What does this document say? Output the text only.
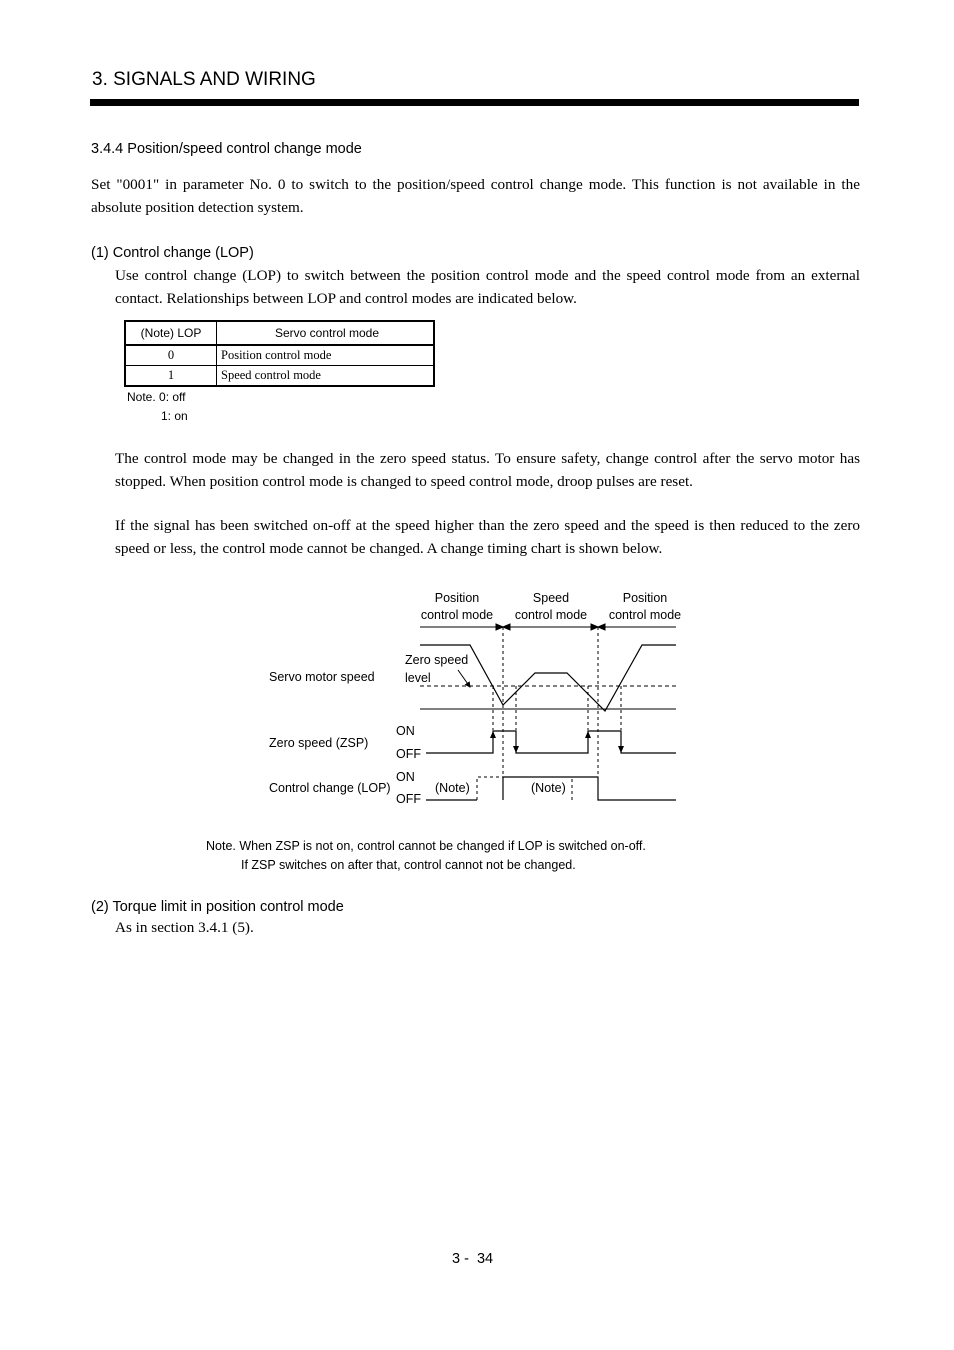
3. SIGNALS AND WIRING
3.4.4 Position/speed control change mode
Set "0001" in parameter No. 0 to switch to the position/speed control change mode. This function is not available in the absolute position detection system.
(1) Control change (LOP)
Use control change (LOP) to switch between the position control mode and the speed control mode from an external contact. Relationships between LOP and control modes are indicated below.
(Note) LOP	Servo control mode
0	Position control mode
1	Speed control mode
Note. 0: off
1: on
The control mode may be changed in the zero speed status. To ensure safety, change control after the servo motor has stopped. When position control mode is changed to speed control mode, droop pulses are reset.
If the signal has been switched on-off at the speed higher than the zero speed and the speed is then reduced to the zero speed or less, the control mode cannot be changed. A change timing chart is shown below.
Position
control mode
Speed
control mode
Position
control mode
Servo motor speed
Zero speed (ZSP)
Control change (LOP)
Zero speed
level
ON
OFF
ON
OFF
(Note)	(Note)
Note. When ZSP is not on, control cannot be changed if LOP is switched on-off.
If ZSP switches on after that, control cannot not be changed.
(2) Torque limit in position control mode
As in section 3.4.1 (5).
3 -  34
